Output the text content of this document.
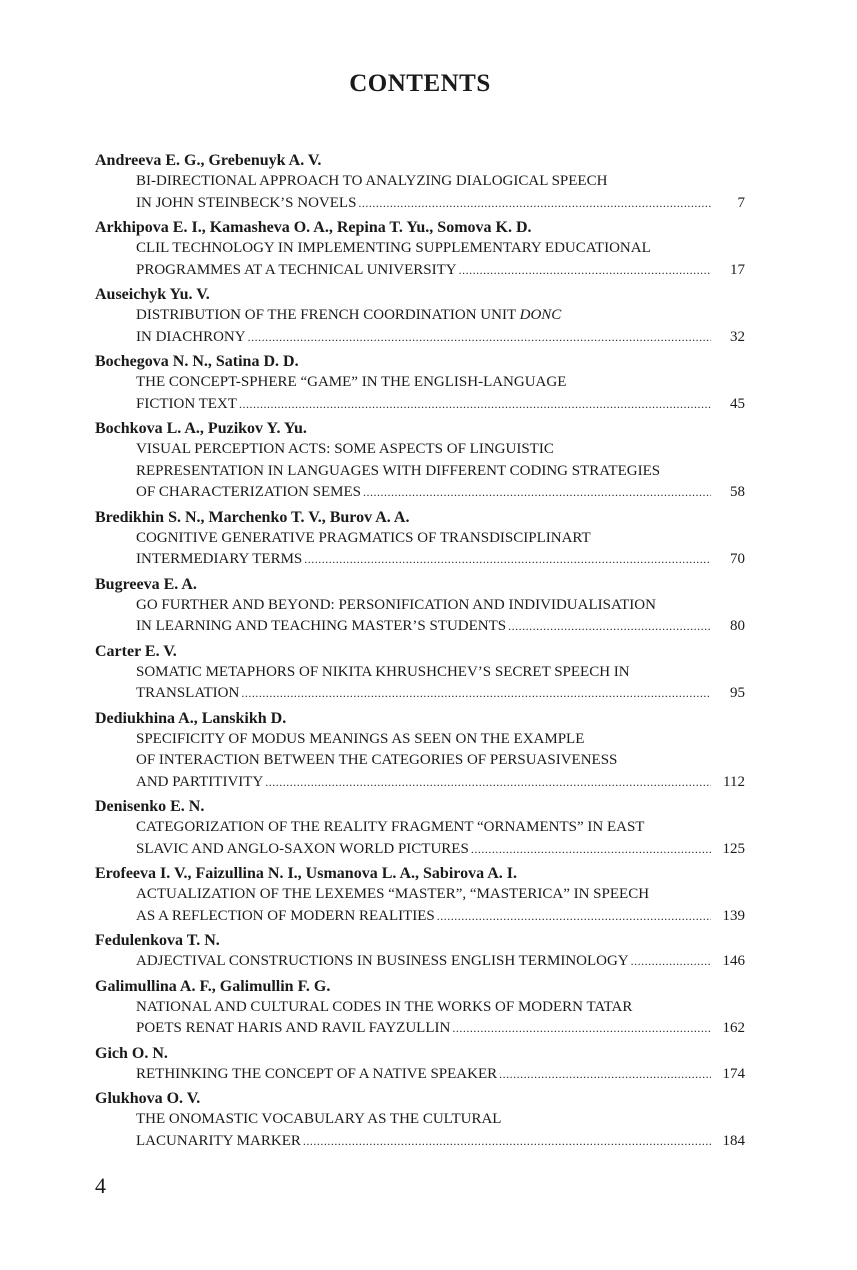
CONTENTS
Andreeva E. G., Grebenuyk A. V.
BI-DIRECTIONAL APPROACH TO ANALYZING DIALOGICAL SPEECH
IN JOHN STEINBECK’S NOVELS .....	7
Arkhipova E. I., Kamasheva O. A., Repina T. Yu., Somova K. D.
CLIL TECHNOLOGY IN IMPLEMENTING SUPPLEMENTARY EDUCATIONAL
PROGRAMMES AT A TECHNICAL UNIVERSITY .....	17
Auseichyk Yu. V.
DISTRIBUTION OF THE FRENCH COORDINATION UNIT DONC
IN DIACHRONY .....	32
Bochegova N. N., Satina D. D.
THE CONCEPT-SPHERE “GAME” IN THE ENGLISH-LANGUAGE
FICTION TEXT .....	45
Bochkova L. A., Puzikov Y. Yu.
VISUAL PERCEPTION ACTS: SOME ASPECTS OF LINGUISTIC
REPRESENTATION IN LANGUAGES WITH DIFFERENT CODING STRATEGIES
OF CHARACTERIZATION SEMES .....	58
Bredikhin S. N., Marchenko T. V., Burov A. A.
COGNITIVE GENERATIVE PRAGMATICS OF TRANSDISCIPLINART
INTERMEDIARY TERMS .....	70
Bugreeva E. A.
GO FURTHER AND BEYOND: PERSONIFICATION AND INDIVIDUALISATION
IN LEARNING AND TEACHING MASTER’S STUDENTS .....	80
Carter E. V.
SOMATIC METAPHORS OF NIKITA KHRUSHCHEV’S SECRET SPEECH IN
TRANSLATION .....	95
Dediukhina A., Lanskikh D.
SPECIFICITY OF MODUS MEANINGS AS SEEN ON THE EXAMPLE
OF INTERACTION BETWEEN THE CATEGORIES OF PERSUASIVENESS
AND PARTITIVITY .....	112
Denisenko E. N.
CATEGORIZATION OF THE REALITY FRAGMENT “ORNAMENTS” IN EAST
SLAVIC AND ANGLO-SAXON WORLD PICTURES .....	125
Erofeeva I. V., Faizullina N. I., Usmanova L. A., Sabirova A. I.
ACTUALIZATION OF THE LEXEMES “MASTER”, “MASTERICA” IN SPEECH
AS A REFLECTION OF MODERN REALITIES .....	139
Fedulenkova T. N.
ADJECTIVAL CONSTRUCTIONS IN BUSINESS ENGLISH TERMINOLOGY .....	146
Galimullina A. F., Galimullin F. G.
NATIONAL AND CULTURAL CODES IN THE WORKS OF MODERN TATAR
POETS RENAT HARIS AND RAVIL FAYZULLIN .....	162
Gich O. N.
RETHINKING THE CONCEPT OF A NATIVE SPEAKER .....	174
Glukhova O. V.
THE ONOMASTIC VOCABULARY AS THE CULTURAL
LACUNARITY MARKER .....	184
4
